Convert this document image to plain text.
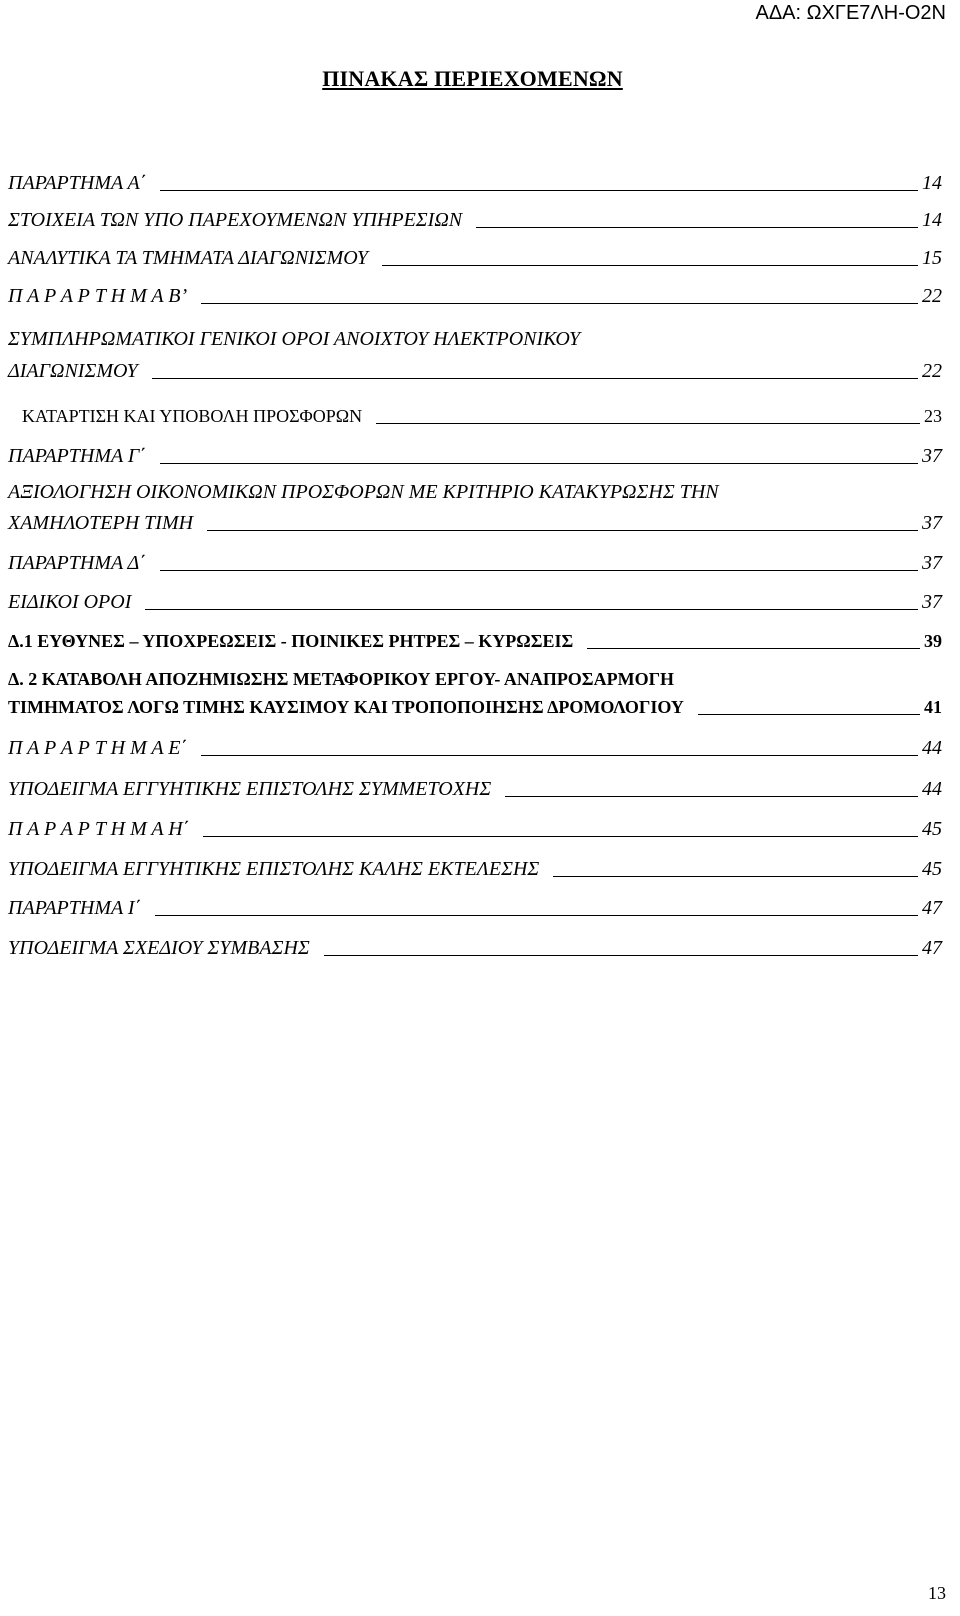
ΑΔΑ: ΩΧΓΕ7ΛΗ-Ο2Ν
ΠΙΝΑΚΑΣ ΠΕΡΙΕΧΟΜΕΝΩΝ
ΠΑΡΑΡΤΗΜΑ Α΄	14
ΣΤΟΙΧΕΙΑ ΤΩΝ ΥΠΟ ΠΑΡΕΧΟΥΜΕΝΩΝ ΥΠΗΡΕΣΙΩΝ	14
ΑΝΑΛΥΤΙΚΑ ΤΑ ΤΜΗΜΑΤΑ ΔΙΑΓΩΝΙΣΜΟΥ	15
Π Α Ρ Α Ρ Τ Η Μ Α Β’	22
ΣΥΜΠΛΗΡΩΜΑΤΙΚΟΙ ΓΕΝΙΚΟΙ ΟΡΟΙ ΑΝΟΙΧΤΟΥ ΗΛΕΚΤΡΟΝΙΚΟΥ
ΔΙΑΓΩΝΙΣΜΟΥ	22
ΚΑΤΑΡΤΙΣΗ ΚΑΙ ΥΠΟΒΟΛΗ ΠΡΟΣΦΟΡΩΝ	23
ΠΑΡΑΡΤΗΜΑ Γ΄	37
ΑΞΙΟΛΟΓΗΣΗ ΟΙΚΟΝΟΜΙΚΩΝ ΠΡΟΣΦΟΡΩΝ ΜΕ ΚΡΙΤΗΡΙΟ ΚΑΤΑΚΥΡΩΣΗΣ ΤΗΝ
ΧΑΜΗΛΟΤΕΡΗ ΤΙΜΗ	37
ΠΑΡΑΡΤΗΜΑ Δ΄	37
ΕΙΔΙΚΟΙ ΟΡΟΙ	37
Δ.1 ΕΥΘΥΝΕΣ – ΥΠΟΧΡΕΩΣΕΙΣ - ΠΟΙΝΙΚΕΣ ΡΗΤΡΕΣ – ΚΥΡΩΣΕΙΣ	39
Δ. 2 ΚΑΤΑΒΟΛΗ ΑΠΟΖΗΜΙΩΣΗΣ ΜΕΤΑΦΟΡΙΚΟΥ ΕΡΓΟΥ- ΑΝΑΠΡΟΣΑΡΜΟΓΗ
ΤΙΜΗΜΑΤΟΣ ΛΟΓΩ ΤΙΜΗΣ ΚΑΥΣΙΜΟΥ ΚΑΙ ΤΡΟΠΟΠΟΙΗΣΗΣ ΔΡΟΜΟΛΟΓΙΟΥ	41
Π Α Ρ Α Ρ Τ Η Μ Α Ε΄	44
ΥΠΟΔΕΙΓΜΑ ΕΓΓΥΗΤΙΚΗΣ ΕΠΙΣΤΟΛΗΣ ΣΥΜΜΕΤΟΧΗΣ	44
Π Α Ρ Α Ρ Τ Η Μ Α Η΄	45
ΥΠΟΔΕΙΓΜΑ ΕΓΓΥΗΤΙΚΗΣ ΕΠΙΣΤΟΛΗΣ ΚΑΛΗΣ ΕΚΤΕΛΕΣΗΣ	45
ΠΑΡΑΡΤΗΜΑ Ι΄	47
ΥΠΟΔΕΙΓΜΑ ΣΧΕΔΙΟΥ ΣΥΜΒΑΣΗΣ	47
13
